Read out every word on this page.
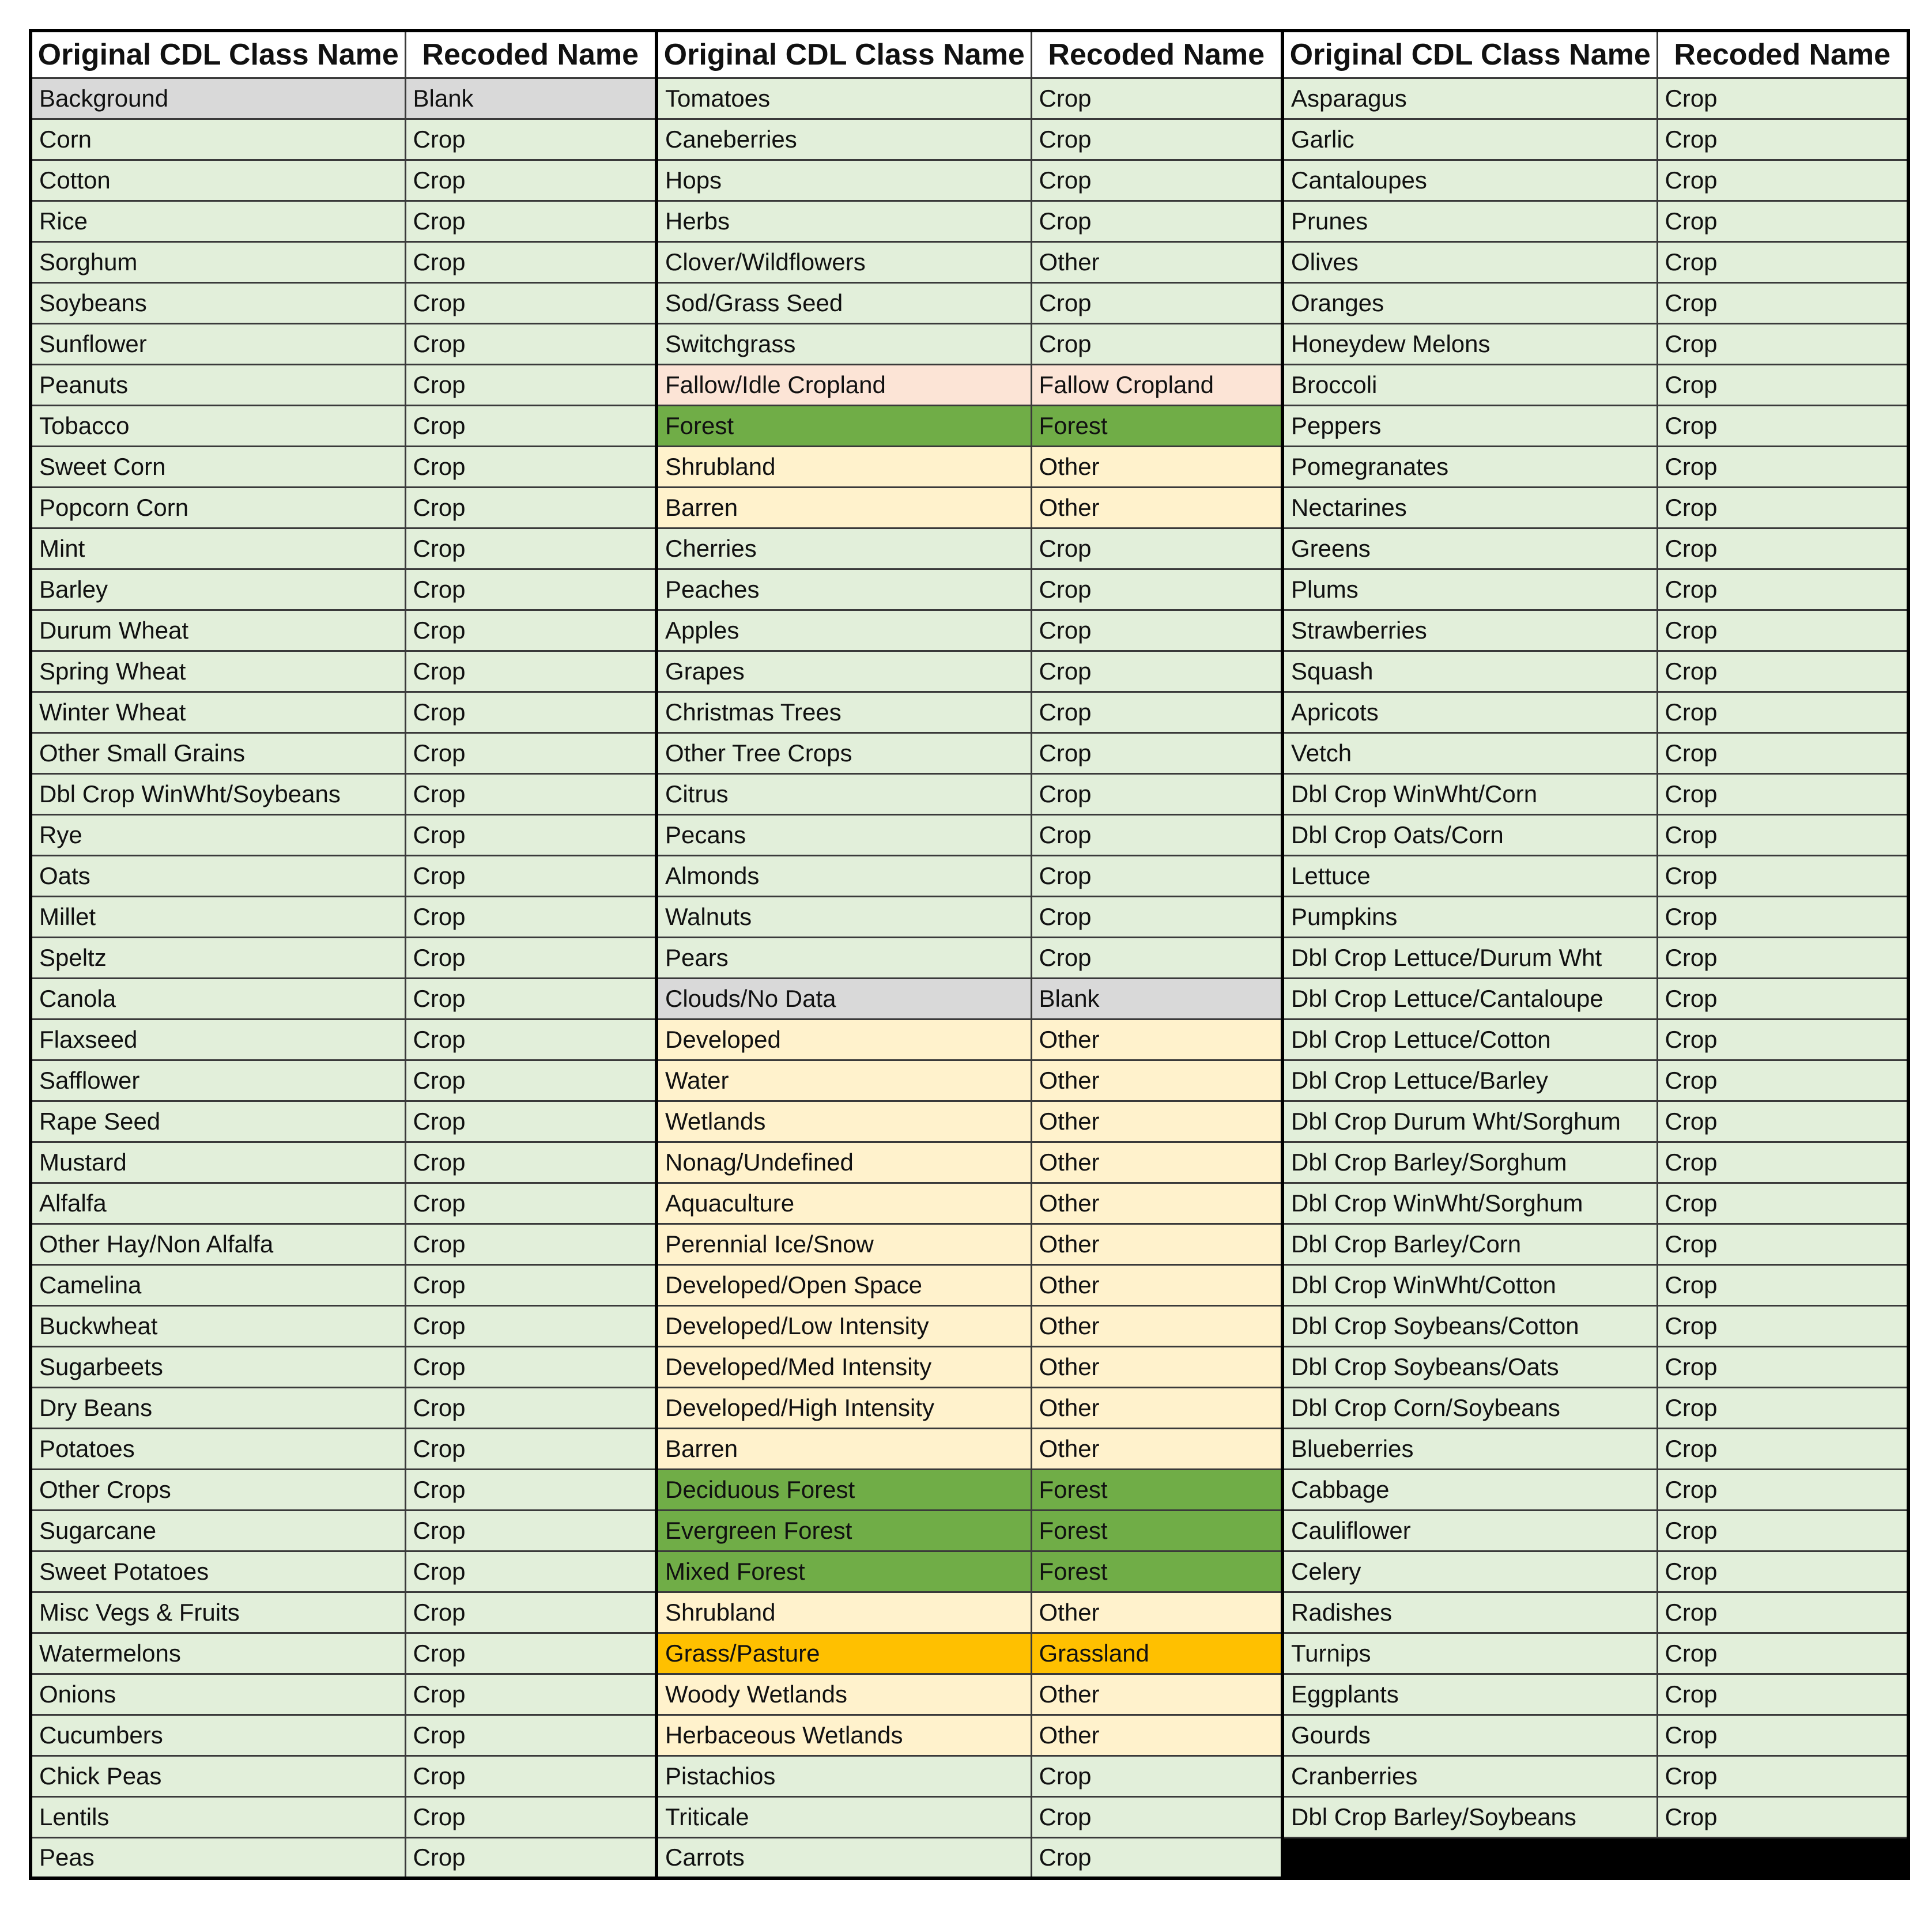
Original CDL Class Name	Recoded Name	Original CDL Class Name	Recoded Name	Original CDL Class Name	Recoded Name
Background	Blank	Tomatoes	Crop	Asparagus	Crop
Corn	Crop	Caneberries	Crop	Garlic	Crop
Cotton	Crop	Hops	Crop	Cantaloupes	Crop
Rice	Crop	Herbs	Crop	Prunes	Crop
Sorghum	Crop	Clover/Wildflowers	Other	Olives	Crop
Soybeans	Crop	Sod/Grass Seed	Crop	Oranges	Crop
Sunflower	Crop	Switchgrass	Crop	Honeydew Melons	Crop
Peanuts	Crop	Fallow/Idle Cropland	Fallow Cropland	Broccoli	Crop
Tobacco	Crop	Forest	Forest	Peppers	Crop
Sweet Corn	Crop	Shrubland	Other	Pomegranates	Crop
Popcorn Corn	Crop	Barren	Other	Nectarines	Crop
Mint	Crop	Cherries	Crop	Greens	Crop
Barley	Crop	Peaches	Crop	Plums	Crop
Durum Wheat	Crop	Apples	Crop	Strawberries	Crop
Spring Wheat	Crop	Grapes	Crop	Squash	Crop
Winter Wheat	Crop	Christmas Trees	Crop	Apricots	Crop
Other Small Grains	Crop	Other Tree Crops	Crop	Vetch	Crop
Dbl Crop WinWht/Soybeans	Crop	Citrus	Crop	Dbl Crop WinWht/Corn	Crop
Rye	Crop	Pecans	Crop	Dbl Crop Oats/Corn	Crop
Oats	Crop	Almonds	Crop	Lettuce	Crop
Millet	Crop	Walnuts	Crop	Pumpkins	Crop
Speltz	Crop	Pears	Crop	Dbl Crop Lettuce/Durum Wht	Crop
Canola	Crop	Clouds/No Data	Blank	Dbl Crop Lettuce/Cantaloupe	Crop
Flaxseed	Crop	Developed	Other	Dbl Crop Lettuce/Cotton	Crop
Safflower	Crop	Water	Other	Dbl Crop Lettuce/Barley	Crop
Rape Seed	Crop	Wetlands	Other	Dbl Crop Durum Wht/Sorghum	Crop
Mustard	Crop	Nonag/Undefined	Other	Dbl Crop Barley/Sorghum	Crop
Alfalfa	Crop	Aquaculture	Other	Dbl Crop WinWht/Sorghum	Crop
Other Hay/Non Alfalfa	Crop	Perennial Ice/Snow	Other	Dbl Crop Barley/Corn	Crop
Camelina	Crop	Developed/Open Space	Other	Dbl Crop WinWht/Cotton	Crop
Buckwheat	Crop	Developed/Low Intensity	Other	Dbl Crop Soybeans/Cotton	Crop
Sugarbeets	Crop	Developed/Med Intensity	Other	Dbl Crop Soybeans/Oats	Crop
Dry Beans	Crop	Developed/High Intensity	Other	Dbl Crop Corn/Soybeans	Crop
Potatoes	Crop	Barren	Other	Blueberries	Crop
Other Crops	Crop	Deciduous Forest	Forest	Cabbage	Crop
Sugarcane	Crop	Evergreen Forest	Forest	Cauliflower	Crop
Sweet Potatoes	Crop	Mixed Forest	Forest	Celery	Crop
Misc Vegs & Fruits	Crop	Shrubland	Other	Radishes	Crop
Watermelons	Crop	Grass/Pasture	Grassland	Turnips	Crop
Onions	Crop	Woody Wetlands	Other	Eggplants	Crop
Cucumbers	Crop	Herbaceous Wetlands	Other	Gourds	Crop
Chick Peas	Crop	Pistachios	Crop	Cranberries	Crop
Lentils	Crop	Triticale	Crop	Dbl Crop Barley/Soybeans	Crop
Peas	Crop	Carrots	Crop		
